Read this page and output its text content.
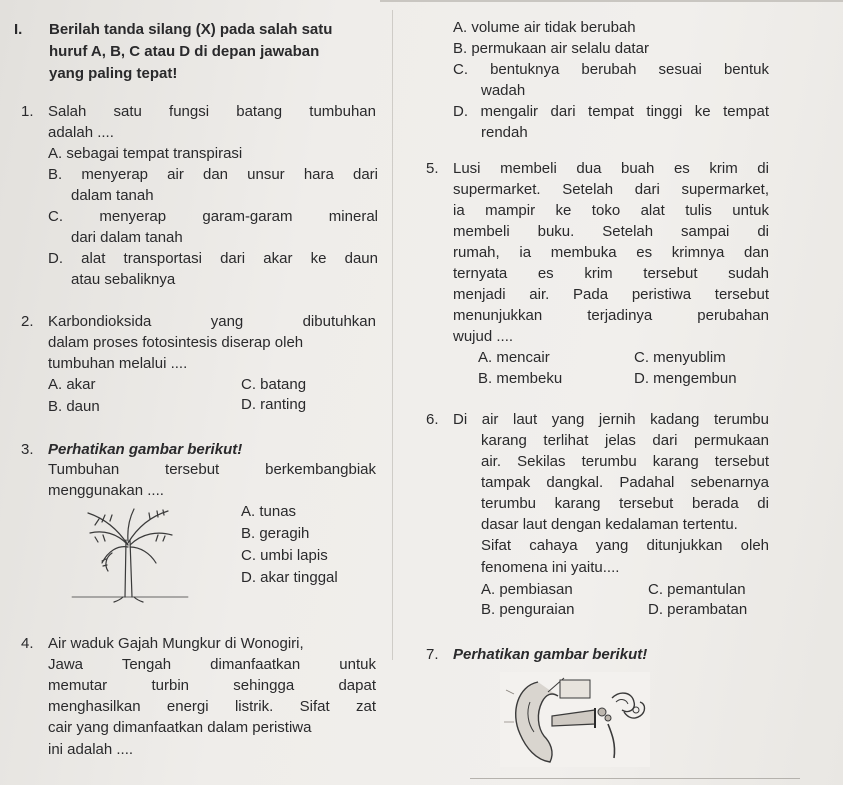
I. Berilah tanda silang (X) pada salah satu
huruf A, B, C atau D di depan jawaban
yang paling tepat!
1. Salah satu fungsi batang tumbuhan
adalah ....
A. sebagai tempat transpirasi
B. menyerap air dan unsur hara dari
dalam tanah
C. menyerap garam-garam mineral
dari dalam tanah
D. alat transportasi dari akar ke daun
atau sebaliknya
2. Karbondioksida yang dibutuhkan
dalam proses fotosintesis diserap oleh
tumbuhan melalui ....
A. akar	C. batang
B. daun	D. ranting
3. Perhatikan gambar berikut!
Tumbuhan tersebut berkembangbiak
menggunakan ....
A. tunas
B. geragih
C. umbi lapis
D. akar tinggal
4. Air waduk Gajah Mungkur di Wonogiri,
Jawa Tengah dimanfaatkan untuk
memutar turbin sehingga dapat
menghasilkan energi listrik. Sifat zat
cair yang dimanfaatkan dalam peristiwa
ini adalah ....
A. volume air tidak berubah
B. permukaan air selalu datar
C. bentuknya berubah sesuai bentuk
wadah
D. mengalir dari tempat tinggi ke tempat
rendah
5. Lusi membeli dua buah es krim di
supermarket. Setelah dari supermarket,
ia mampir ke toko alat tulis untuk
membeli buku. Setelah sampai di
rumah, ia membuka es krimnya dan
ternyata es krim tersebut sudah
menjadi air. Pada peristiwa tersebut
menunjukkan terjadinya perubahan
wujud ....
A. mencair	C. menyublim
B. membeku	D. mengembun
6. Di air laut yang jernih kadang terumbu
karang terlihat jelas dari permukaan
air. Sekilas terumbu karang tersebut
tampak dangkal. Padahal sebenarnya
terumbu karang tersebut berada di
dasar laut dengan kedalaman tertentu.
Sifat cahaya yang ditunjukkan oleh
fenomena ini yaitu....
A. pembiasan	C. pemantulan
B. penguraian	D. perambatan
7. Perhatikan gambar berikut!
